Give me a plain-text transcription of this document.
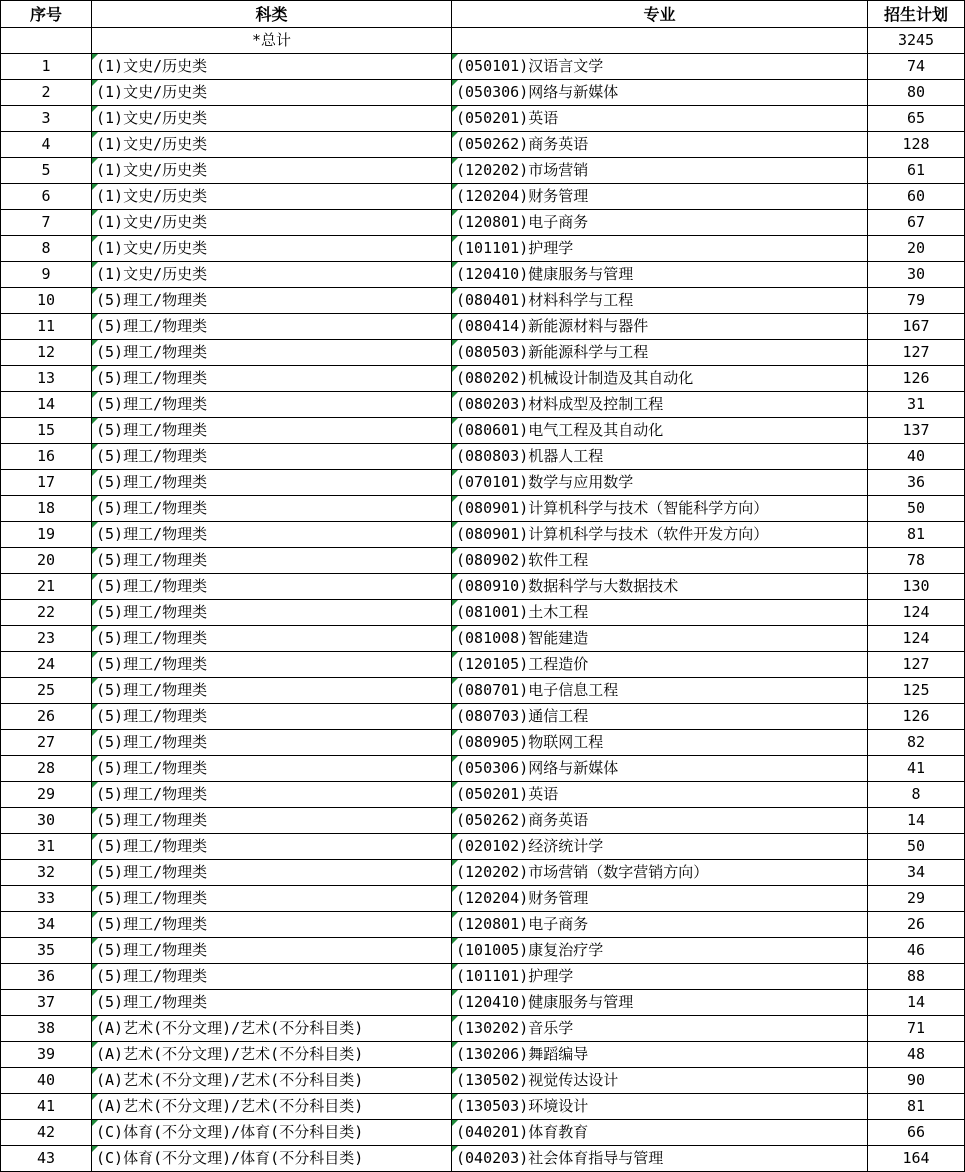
序号	科类	专业	招生计划
	*总计		3245
1	(1)文史/历史类	(050101)汉语言文学	74
2	(1)文史/历史类	(050306)网络与新媒体	80
3	(1)文史/历史类	(050201)英语	65
4	(1)文史/历史类	(050262)商务英语	128
5	(1)文史/历史类	(120202)市场营销	61
6	(1)文史/历史类	(120204)财务管理	60
7	(1)文史/历史类	(120801)电子商务	67
8	(1)文史/历史类	(101101)护理学	20
9	(1)文史/历史类	(120410)健康服务与管理	30
10	(5)理工/物理类	(080401)材料科学与工程	79
11	(5)理工/物理类	(080414)新能源材料与器件	167
12	(5)理工/物理类	(080503)新能源科学与工程	127
13	(5)理工/物理类	(080202)机械设计制造及其自动化	126
14	(5)理工/物理类	(080203)材料成型及控制工程	31
15	(5)理工/物理类	(080601)电气工程及其自动化	137
16	(5)理工/物理类	(080803)机器人工程	40
17	(5)理工/物理类	(070101)数学与应用数学	36
18	(5)理工/物理类	(080901)计算机科学与技术（智能科学方向）	50
19	(5)理工/物理类	(080901)计算机科学与技术（软件开发方向）	81
20	(5)理工/物理类	(080902)软件工程	78
21	(5)理工/物理类	(080910)数据科学与大数据技术	130
22	(5)理工/物理类	(081001)土木工程	124
23	(5)理工/物理类	(081008)智能建造	124
24	(5)理工/物理类	(120105)工程造价	127
25	(5)理工/物理类	(080701)电子信息工程	125
26	(5)理工/物理类	(080703)通信工程	126
27	(5)理工/物理类	(080905)物联网工程	82
28	(5)理工/物理类	(050306)网络与新媒体	41
29	(5)理工/物理类	(050201)英语	8
30	(5)理工/物理类	(050262)商务英语	14
31	(5)理工/物理类	(020102)经济统计学	50
32	(5)理工/物理类	(120202)市场营销（数字营销方向）	34
33	(5)理工/物理类	(120204)财务管理	29
34	(5)理工/物理类	(120801)电子商务	26
35	(5)理工/物理类	(101005)康复治疗学	46
36	(5)理工/物理类	(101101)护理学	88
37	(5)理工/物理类	(120410)健康服务与管理	14
38	(A)艺术(不分文理)/艺术(不分科目类)	(130202)音乐学	71
39	(A)艺术(不分文理)/艺术(不分科目类)	(130206)舞蹈编导	48
40	(A)艺术(不分文理)/艺术(不分科目类)	(130502)视觉传达设计	90
41	(A)艺术(不分文理)/艺术(不分科目类)	(130503)环境设计	81
42	(C)体育(不分文理)/体育(不分科目类)	(040201)体育教育	66
43	(C)体育(不分文理)/体育(不分科目类)	(040203)社会体育指导与管理	164
